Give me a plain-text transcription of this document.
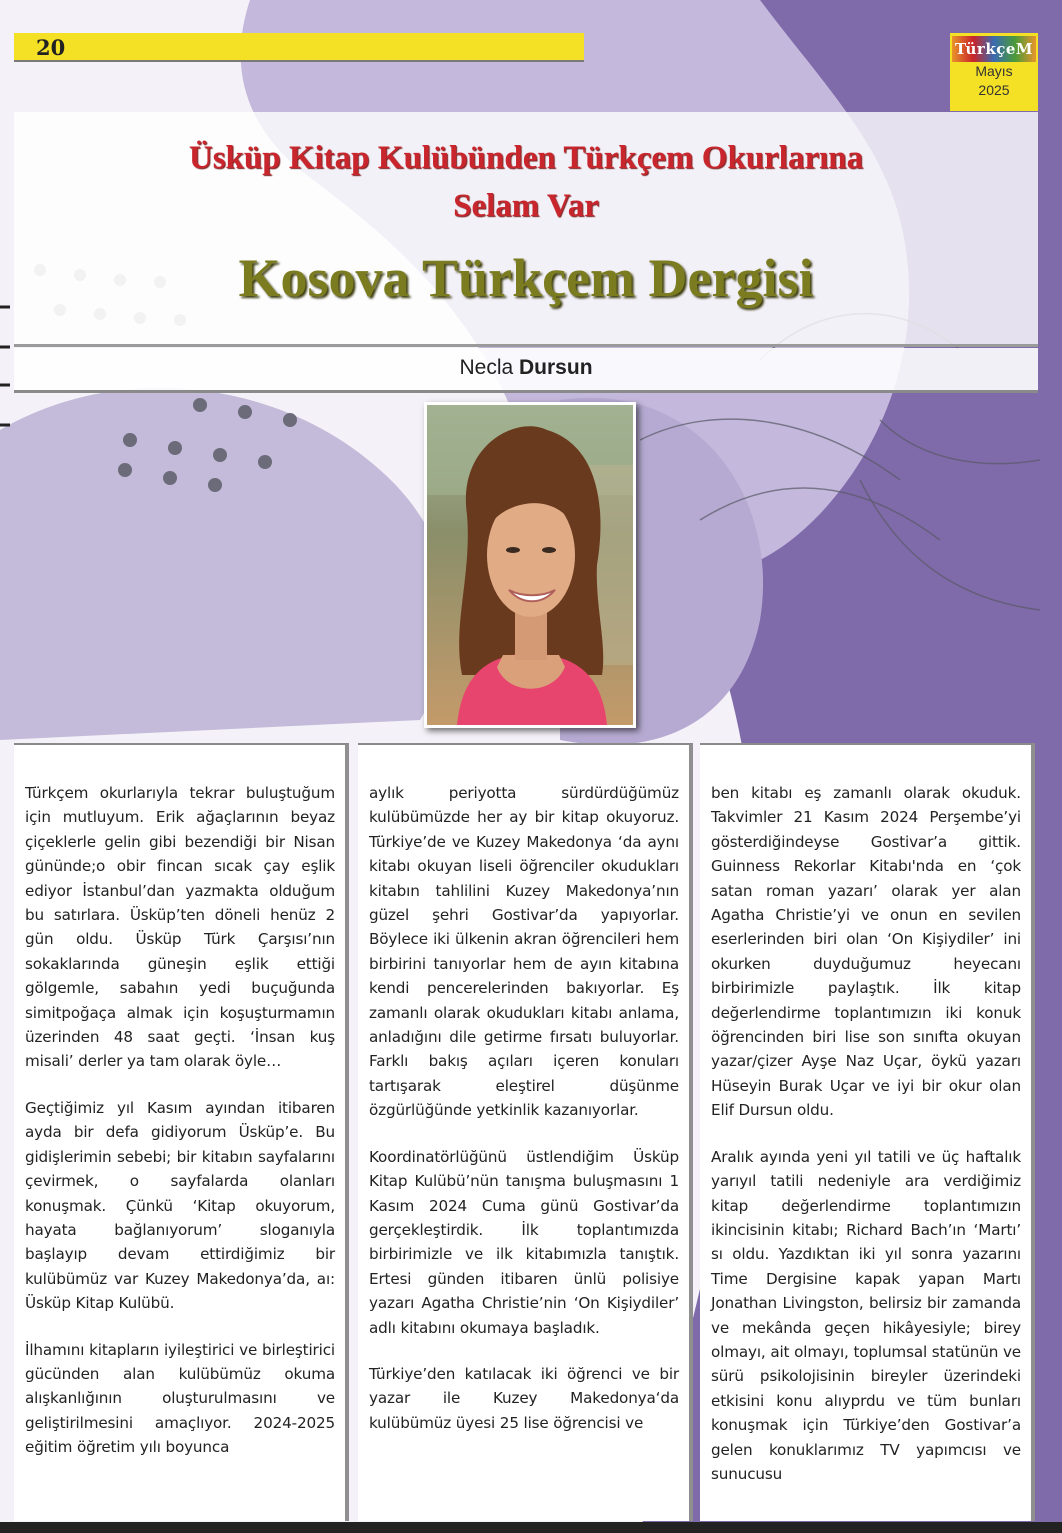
20	TürkçeM
Mayıs
2025
Üsküp Kitap Kulübünden Türkçem Okurlarına
Selam Var
Kosova Türkçem Dergisi
Necla Dursun

Türkçem okurlarıyla tekrar buluştuğum için mutluyum. Erik ağaçlarının beyaz çiçeklerle gelin gibi bezendiği bir Nisan gününde;o obir fincan sıcak çay eşlik ediyor İstanbul’dan yazmakta olduğum bu satırlara. Üsküp’ten döneli henüz 2 gün oldu. Üsküp Türk Çarşısı’nın sokaklarında güneşin eşlik ettiği gölgemle, sabahın yedi buçuğunda simitpoğaça almak için koşuşturmamın üzerinden 48 saat geçti. ‘İnsan kuş misali’ derler ya tam olarak öyle…

Geçtiğimiz yıl Kasım ayından itibaren ayda bir defa gidiyorum Üsküp’e. Bu gidişlerimin sebebi; bir kitabın sayfalarını çevirmek, o sayfalarda olanları konuşmak. Çünkü ‘Kitap okuyorum, hayata bağlanıyorum’ sloganıyla başlayıp devam ettirdiğimiz bir kulübümüz var Kuzey Makedonya’da, aı: Üsküp Kitap Kulübü.

İlhamını kitapların iyileştirici ve birleştirici gücünden alan kulübümüz okuma alışkanlığının oluşturulmasını ve geliştirilmesini amaçlıyor. 2024-2025 eğitim öğretim yılı boyunca

aylık periyotta sürdürdüğümüz kulübümüzde her ay bir kitap okuyoruz. Türkiye’de ve Kuzey Makedonya ‘da aynı kitabı okuyan liseli öğrenciler okudukları kitabın tahlilini Kuzey Makedonya’nın güzel şehri Gostivar’da yapıyorlar. Böylece iki ülkenin akran öğrencileri hem birbirini tanıyorlar hem de ayın kitabına kendi pencerelerinden bakıyorlar. Eş zamanlı olarak okudukları kitabı anlama, anladığını dile getirme fırsatı buluyorlar. Farklı bakış açıları içeren konuları tartışarak eleştirel düşünme özgürlüğünde yetkinlik kazanıyorlar.

Koordinatörlüğünü üstlendiğim Üsküp Kitap Kulübü’nün tanışma buluşmasını 1 Kasım 2024 Cuma günü Gostivar’da gerçekleştirdik. İlk toplantımızda birbirimizle ve ilk kitabımızla tanıştık. Ertesi günden itibaren ünlü polisiye yazarı Agatha Christie’nin ‘On Kişiydiler’ adlı kitabını okumaya başladık.

Türkiye’den katılacak iki öğrenci ve bir yazar ile Kuzey Makedonya‘da kulübümüz üyesi 25 lise öğrencisi ve

ben kitabı eş zamanlı olarak okuduk. Takvimler 21 Kasım 2024 Perşembe’yi gösterdiğindeyse Gostivar’a gittik. Guinness Rekorlar Kitabı'nda en ‘çok satan roman yazarı’ olarak yer alan Agatha Christie’yi ve onun en sevilen eserlerinden biri olan ‘On Kişiydiler’ ini okurken duyduğumuz heyecanı birbirimizle paylaştık. İlk kitap değerlendirme toplantımızın iki konuk öğrencinden biri lise son sınıfta okuyan yazar/çizer Ayşe Naz Uçar, öykü yazarı Hüseyin Burak Uçar ve iyi bir okur olan Elif Dursun oldu.

Aralık ayında yeni yıl tatili ve üç haftalık yarıyıl tatili nedeniyle ara verdiğimiz kitap değerlendirme toplantımızın ikincisinin kitabı; Richard Bach’ın ‘Martı’ sı oldu. Yazdıktan iki yıl sonra yazarını Time Dergisine kapak yapan Martı Jonathan Livingston, belirsiz bir zamanda ve mekânda geçen hikâyesiyle; birey olmayı, ait olmayı, toplumsal statünün ve sürü psikolojisinin bireyler üzerindeki etkisini konu alıyprdu ve tüm bunları konuşmak için Türkiye’den Gostivar’a gelen konuklarımız TV yapımcısı ve sunucusu
